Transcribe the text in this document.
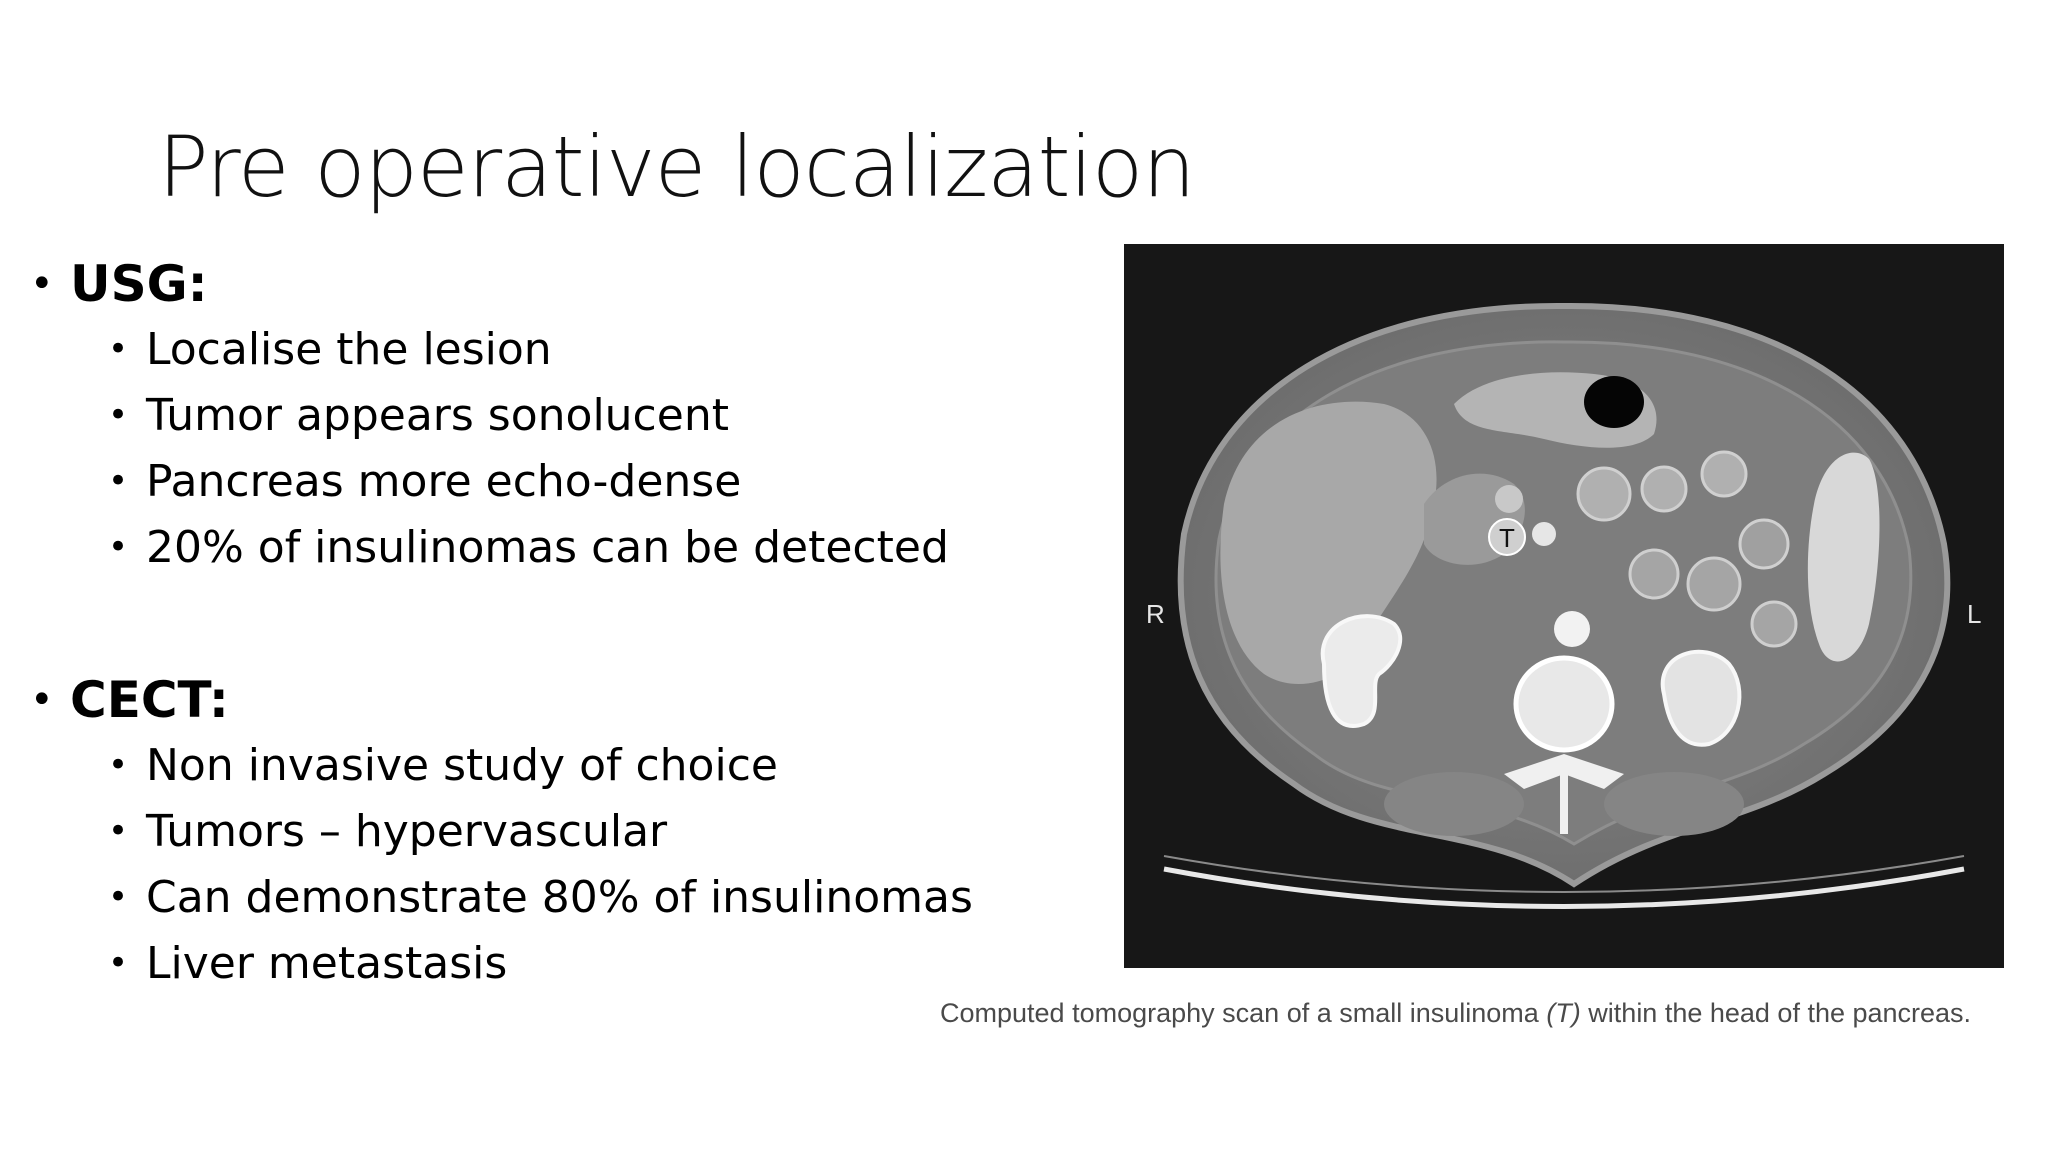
Pre operative localization
• USG:
• Localise the lesion
• Tumor appears sonolucent
• Pancreas more echo-dense
• 20% of insulinomas can be detected
• CECT:
• Non invasive study of choice
• Tumors – hypervascular
• Can demonstrate 80% of insulinomas
• Liver metastasis
R	L
T
Computed tomography scan of a small insulinoma (T) within the head of the pancreas.
